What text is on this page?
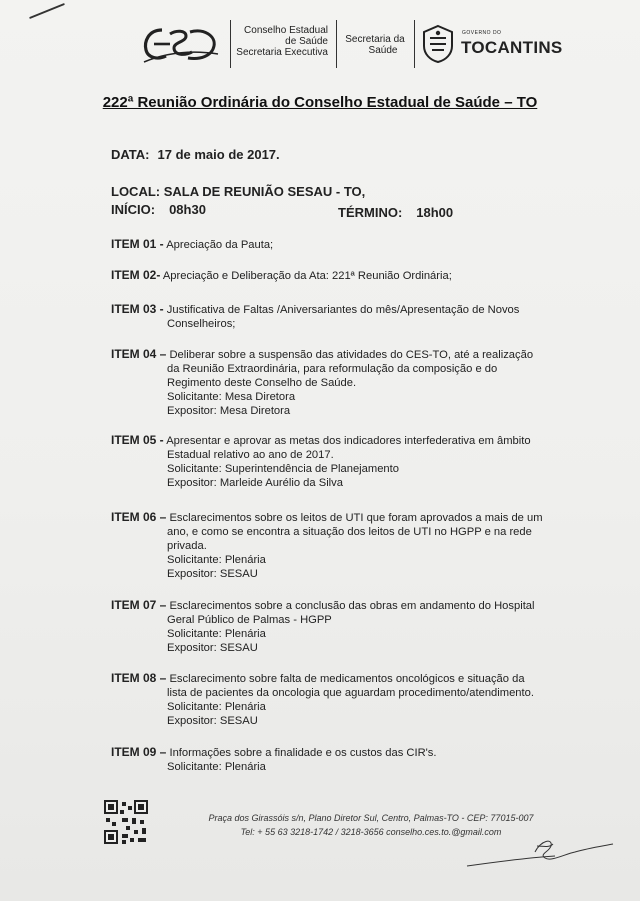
Conselho Estadual
de Saúde
Secretaria Executiva
Secretaria da
Saúde
GOVERNO DO
TOCANTINS
222ª Reunião Ordinária do Conselho Estadual de Saúde – TO
DATA: 17 de maio de 2017.
LOCAL: SALA DE REUNIÃO SESAU - TO,
INÍCIO: 08h30	TÉRMINO: 18h00
ITEM 01 - Apreciação da Pauta;
ITEM 02- Apreciação e Deliberação da Ata: 221ª Reunião Ordinária;
ITEM 03 - Justificativa de Faltas /Aniversariantes do mês/Apresentação de Novos
Conselheiros;
ITEM 04 – Deliberar sobre a suspensão das atividades do CES-TO, até a realização
da Reunião Extraordinária, para reformulação da composição e do
Regimento deste Conselho de Saúde.
Solicitante: Mesa Diretora
Expositor: Mesa Diretora
ITEM 05 - Apresentar e aprovar as metas dos indicadores interfederativa em âmbito
Estadual relativo ao ano de 2017.
Solicitante: Superintendência de Planejamento
Expositor: Marleide Aurélio da Silva
ITEM 06 – Esclarecimentos sobre os leitos de UTI que foram aprovados a mais de um
ano, e como se encontra a situação dos leitos de UTI no HGPP e na rede
privada.
Solicitante: Plenária
Expositor: SESAU
ITEM 07 – Esclarecimentos sobre a conclusão das obras em andamento do Hospital
Geral Público de Palmas - HGPP
Solicitante: Plenária
Expositor: SESAU
ITEM 08 – Esclarecimento sobre falta de medicamentos oncológicos e situação da
lista de pacientes da oncologia que aguardam procedimento/atendimento.
Solicitante: Plenária
Expositor: SESAU
ITEM 09 – Informações sobre a finalidade e os custos das CIR's.
Solicitante: Plenária
Praça dos Girassóis s/n, Plano Diretor Sul, Centro, Palmas-TO - CEP: 77015-007
Tel: + 55 63 3218-1742 / 3218-3656 conselho.ces.to.@gmail.com
